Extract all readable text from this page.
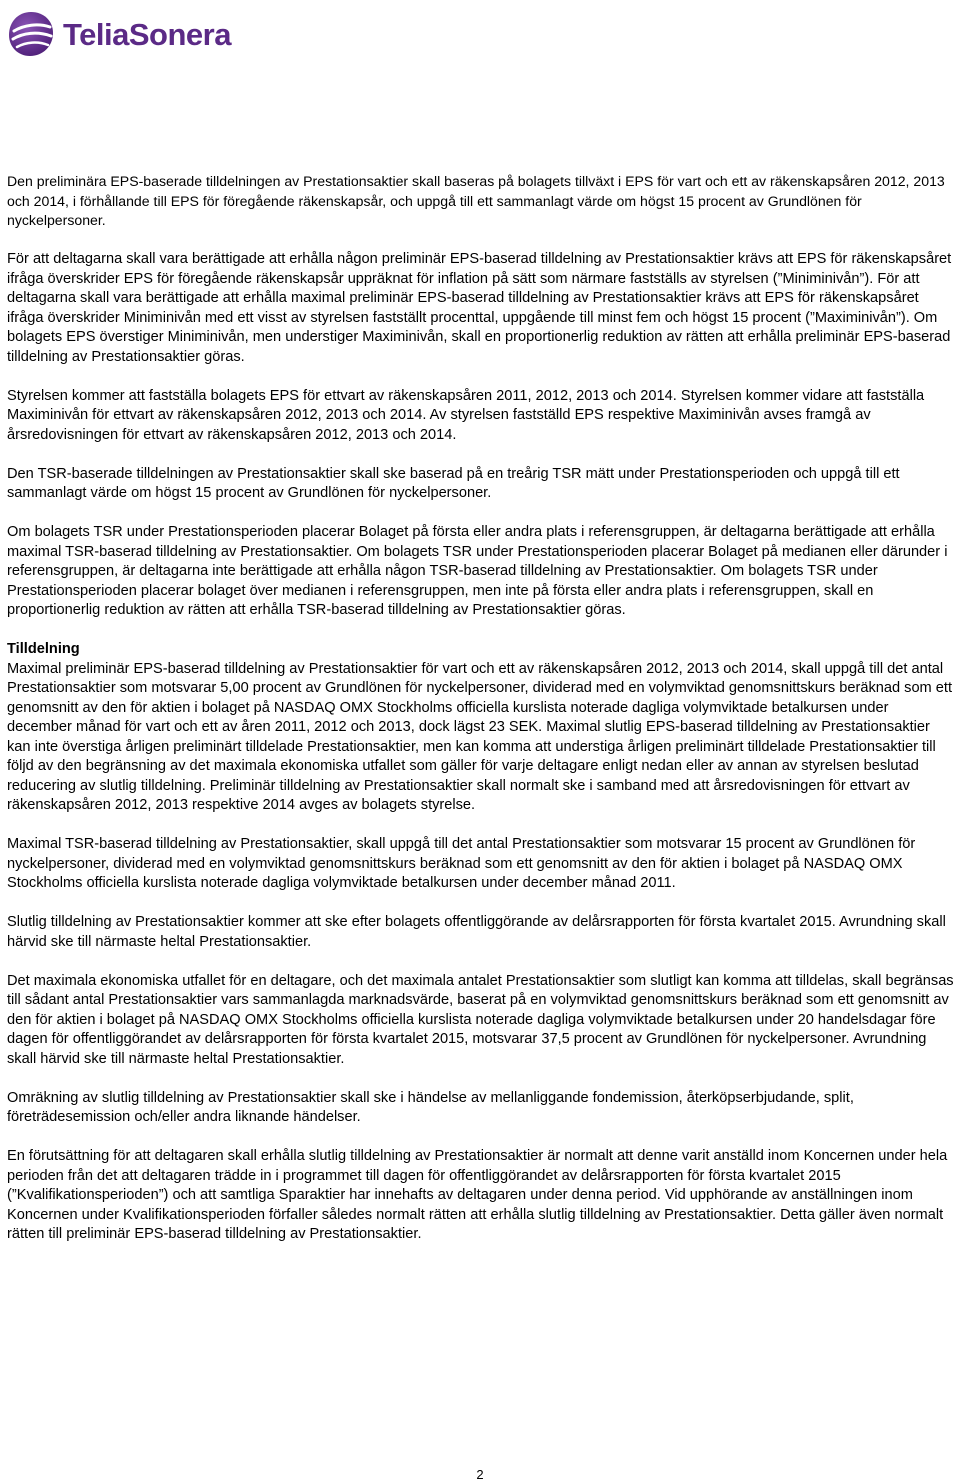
TeliaSonera

Den preliminära EPS-baserade tilldelningen av Prestationsaktier skall baseras på bolagets tillväxt i EPS för vart och ett av räkenskapsåren 2012, 2013 och 2014, i förhållande till EPS för föregående räkenskapsår, och uppgå till ett sammanlagt värde om högst 15 procent av Grundlönen för nyckelpersoner.

För att deltagarna skall vara berättigade att erhålla någon preliminär EPS-baserad tilldelning av Prestationsaktier krävs att EPS för räkenskapsåret ifråga överskrider EPS för föregående räkenskapsår uppräknat för inflation på sätt som närmare fastställs av styrelsen (”Miniminivån”). För att deltagarna skall vara berättigade att erhålla maximal preliminär EPS-baserad tilldelning av Prestationsaktier krävs att EPS för räkenskapsåret ifråga överskrider Miniminivån med ett visst av styrelsen fastställt procenttal, uppgående till minst fem och högst 15 procent (”Maximinivån”). Om bolagets EPS överstiger Miniminivån, men understiger Maximinivån, skall en proportionerlig reduktion av rätten att erhålla preliminär EPS-baserad tilldelning av Prestationsaktier göras.

Styrelsen kommer att fastställa bolagets EPS för ettvart av räkenskapsåren 2011, 2012, 2013 och 2014. Styrelsen kommer vidare att fastställa Maximinivån för ettvart av räkenskapsåren 2012, 2013 och 2014. Av styrelsen fastställd EPS respektive Maximinivån avses framgå av årsredovisningen för ettvart av räkenskapsåren 2012, 2013 och 2014.

Den TSR-baserade tilldelningen av Prestationsaktier skall ske baserad på en treårig TSR mätt under Prestationsperioden och uppgå till ett sammanlagt värde om högst 15 procent av Grundlönen för nyckelpersoner.

Om bolagets TSR under Prestationsperioden placerar Bolaget på första eller andra plats i referensgruppen, är deltagarna berättigade att erhålla maximal TSR-baserad tilldelning av Prestationsaktier. Om bolagets TSR under Prestationsperioden placerar Bolaget på medianen eller därunder i referensgruppen, är deltagarna inte berättigade att erhålla någon TSR-baserad tilldelning av Prestationsaktier. Om bolagets TSR under Prestationsperioden placerar bolaget över medianen i referensgruppen, men inte på första eller andra plats i referensgruppen, skall en proportionerlig reduktion av rätten att erhålla TSR-baserad tilldelning av Prestationsaktier göras.

Tilldelning

Maximal preliminär EPS-baserad tilldelning av Prestationsaktier för vart och ett av räkenskapsåren 2012, 2013 och 2014, skall uppgå till det antal Prestationsaktier som motsvarar 5,00 procent av Grundlönen för nyckelpersoner, dividerad med en volymviktad genomsnittskurs beräknad som ett genomsnitt av den för aktien i bolaget på NASDAQ OMX Stockholms officiella kurslista noterade dagliga volymviktade betalkursen under december månad för vart och ett av åren 2011, 2012 och 2013, dock lägst 23 SEK. Maximal slutlig EPS-baserad tilldelning av Prestationsaktier kan inte överstiga årligen preliminärt tilldelade Prestationsaktier, men kan komma att understiga årligen preliminärt tilldelade Prestationsaktier till följd av den begränsning av det maximala ekonomiska utfallet som gäller för varje deltagare enligt nedan eller av annan av styrelsen beslutad reducering av slutlig tilldelning. Preliminär tilldelning av Prestationsaktier skall normalt ske i samband med att årsredovisningen för ettvart av räkenskapsåren 2012, 2013 respektive 2014 avges av bolagets styrelse.

Maximal TSR-baserad tilldelning av Prestationsaktier, skall uppgå till det antal Prestationsaktier som motsvarar 15 procent av Grundlönen för nyckelpersoner, dividerad med en volymviktad genomsnittskurs beräknad som ett genomsnitt av den för aktien i bolaget på NASDAQ OMX Stockholms officiella kurslista noterade dagliga volymviktade betalkursen under december månad 2011.

Slutlig tilldelning av Prestationsaktier kommer att ske efter bolagets offentliggörande av delårsrapporten för första kvartalet 2015. Avrundning skall härvid ske till närmaste heltal Prestationsaktier.

Det maximala ekonomiska utfallet för en deltagare, och det maximala antalet Prestationsaktier som slutligt kan komma att tilldelas, skall begränsas till sådant antal Prestationsaktier vars sammanlagda marknadsvärde, baserat på en volymviktad genomsnittskurs beräknad som ett genomsnitt av den för aktien i bolaget på NASDAQ OMX Stockholms officiella kurslista noterade dagliga volymviktade betalkursen under 20 handelsdagar före dagen för offentliggörandet av delårsrapporten för första kvartalet 2015, motsvarar 37,5 procent av Grundlönen för nyckelpersoner. Avrundning skall härvid ske till närmaste heltal Prestationsaktier.

Omräkning av slutlig tilldelning av Prestationsaktier skall ske i händelse av mellanliggande fondemission, återköpserbjudande, split, företrädesemission och/eller andra liknande händelser.

En förutsättning för att deltagaren skall erhålla slutlig tilldelning av Prestationsaktier är normalt att denne varit anställd inom Koncernen under hela perioden från det att deltagaren trädde in i programmet till dagen för offentliggörandet av delårsrapporten för första kvartalet 2015 (”Kvalifikationsperioden”) och att samtliga Sparaktier har innehafts av deltagaren under denna period. Vid upphörande av anställningen inom Koncernen under Kvalifikationsperioden förfaller således normalt rätten att erhålla slutlig tilldelning av Prestationsaktier. Detta gäller även normalt rätten till preliminär EPS-baserad tilldelning av Prestationsaktier.

2
